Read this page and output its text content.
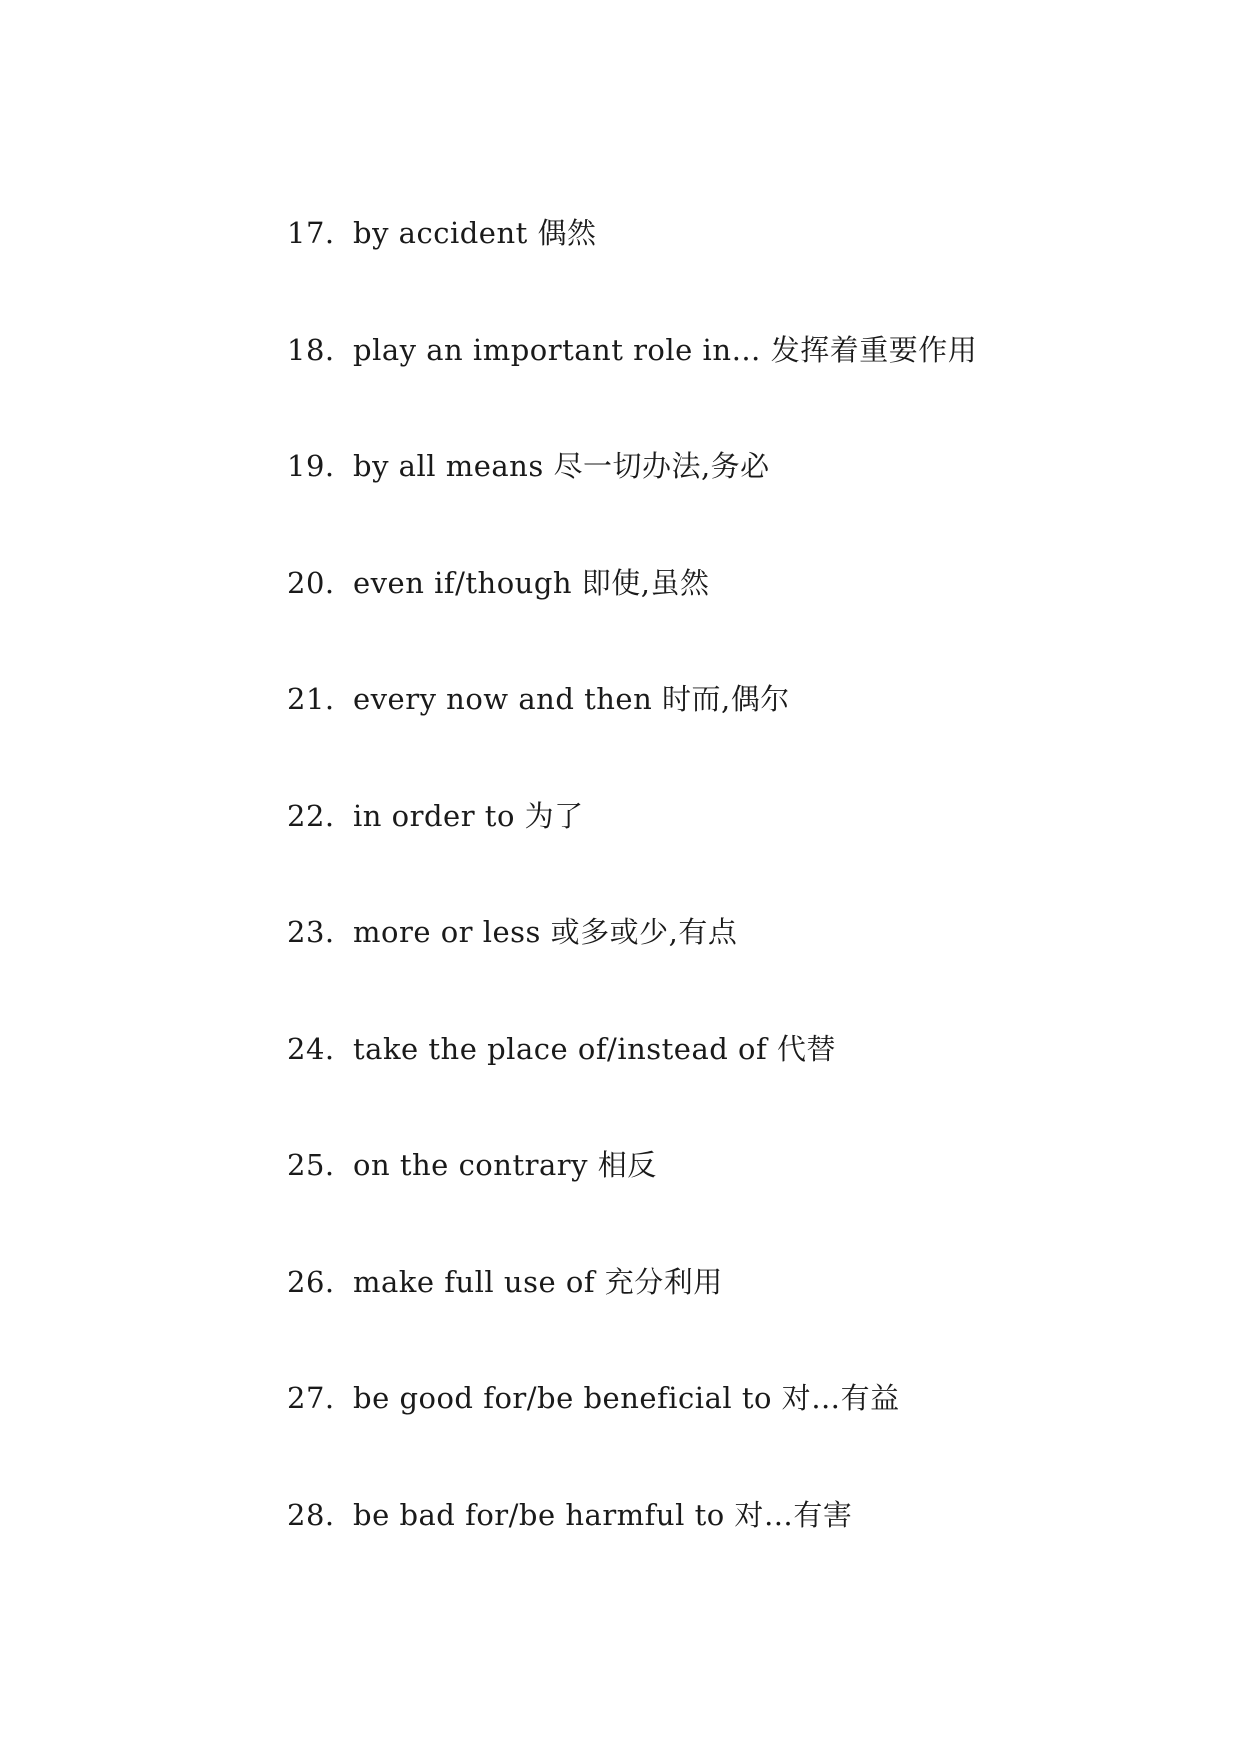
17. by accident 偶然
18. play an important role in… 发挥着重要作用
19. by all means 尽一切办法,务必
20. even if/though 即使,虽然
21. every now and then 时而,偶尔
22. in order to 为了
23. more or less 或多或少,有点
24. take the place of/instead of 代替
25. on the contrary 相反
26. make full use of 充分利用
27. be good for/be beneficial to 对…有益
28. be bad for/be harmful to 对…有害
